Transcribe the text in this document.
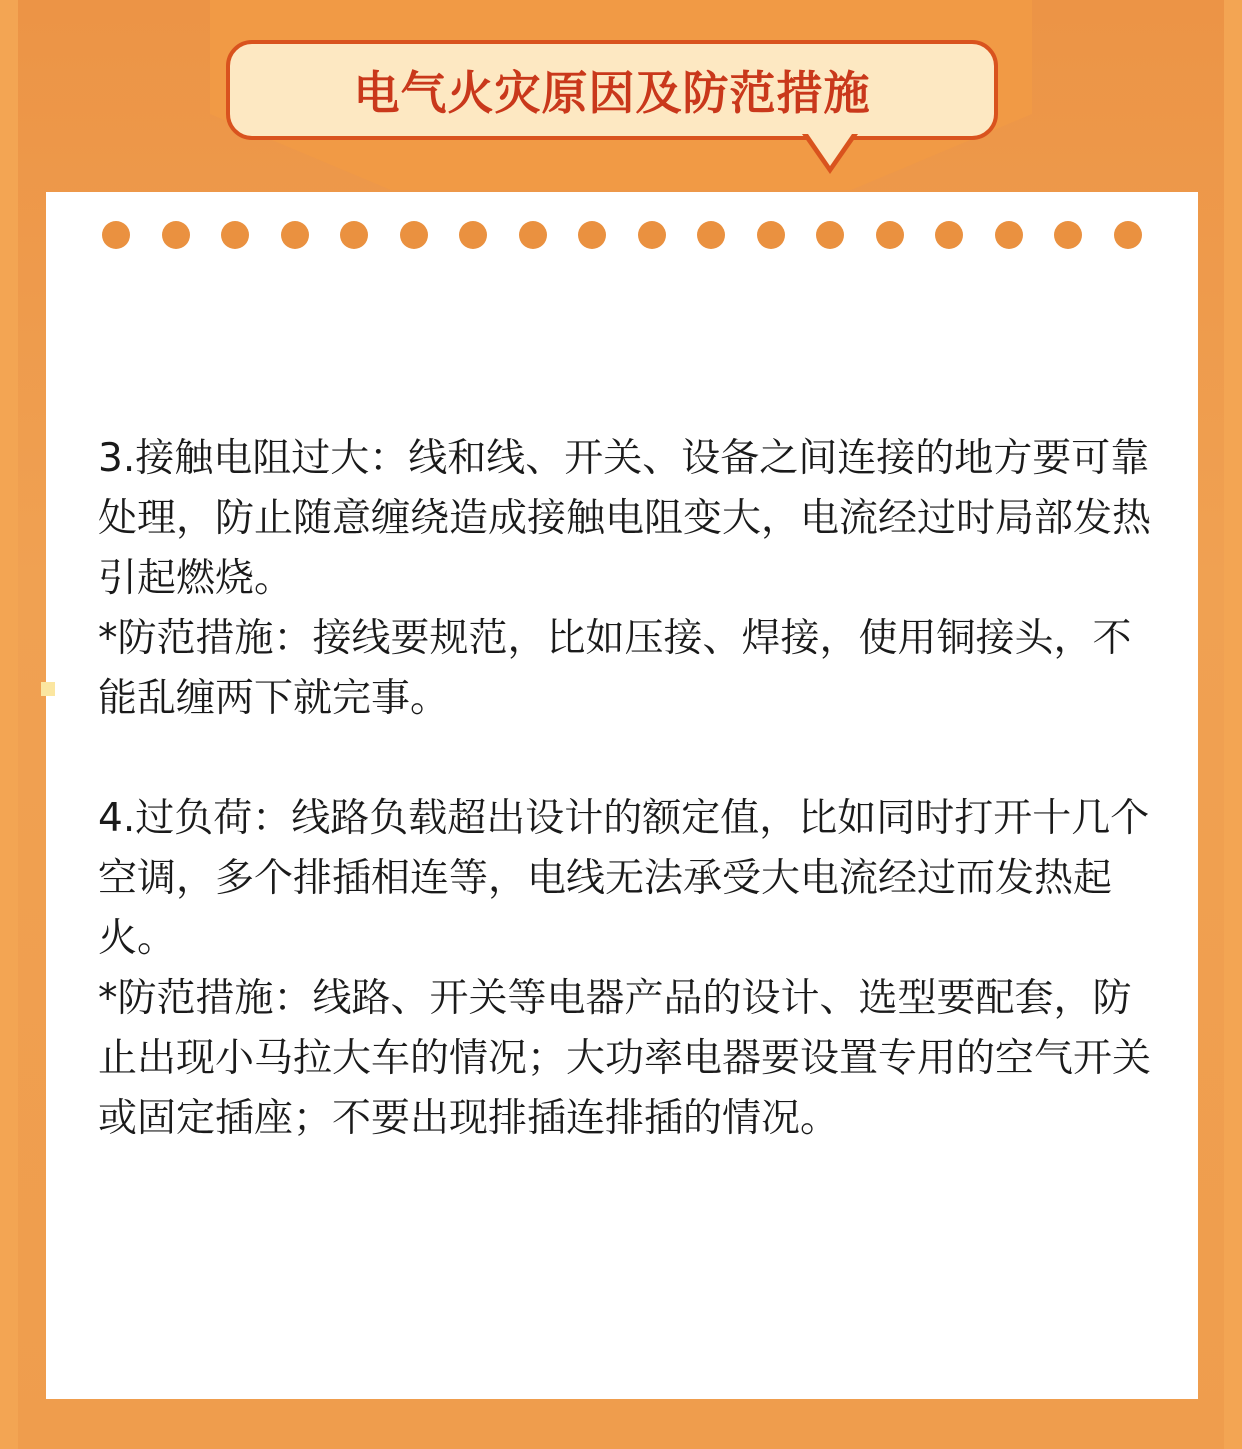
电气火灾原因及防范措施

3.接触电阻过大：线和线、开关、设备之间连接的地方要可靠处理，防止随意缠绕造成接触电阻变大，电流经过时局部发热引起燃烧。

*防范措施：接线要规范，比如压接、焊接，使用铜接头，不能乱缠两下就完事。

4.过负荷：线路负载超出设计的额定值，比如同时打开十几个空调，多个排插相连等，电线无法承受大电流经过而发热起火。

*防范措施：线路、开关等电器产品的设计、选型要配套，防止出现小马拉大车的情况；大功率电器要设置专用的空气开关或固定插座；不要出现排插连排插的情况。
